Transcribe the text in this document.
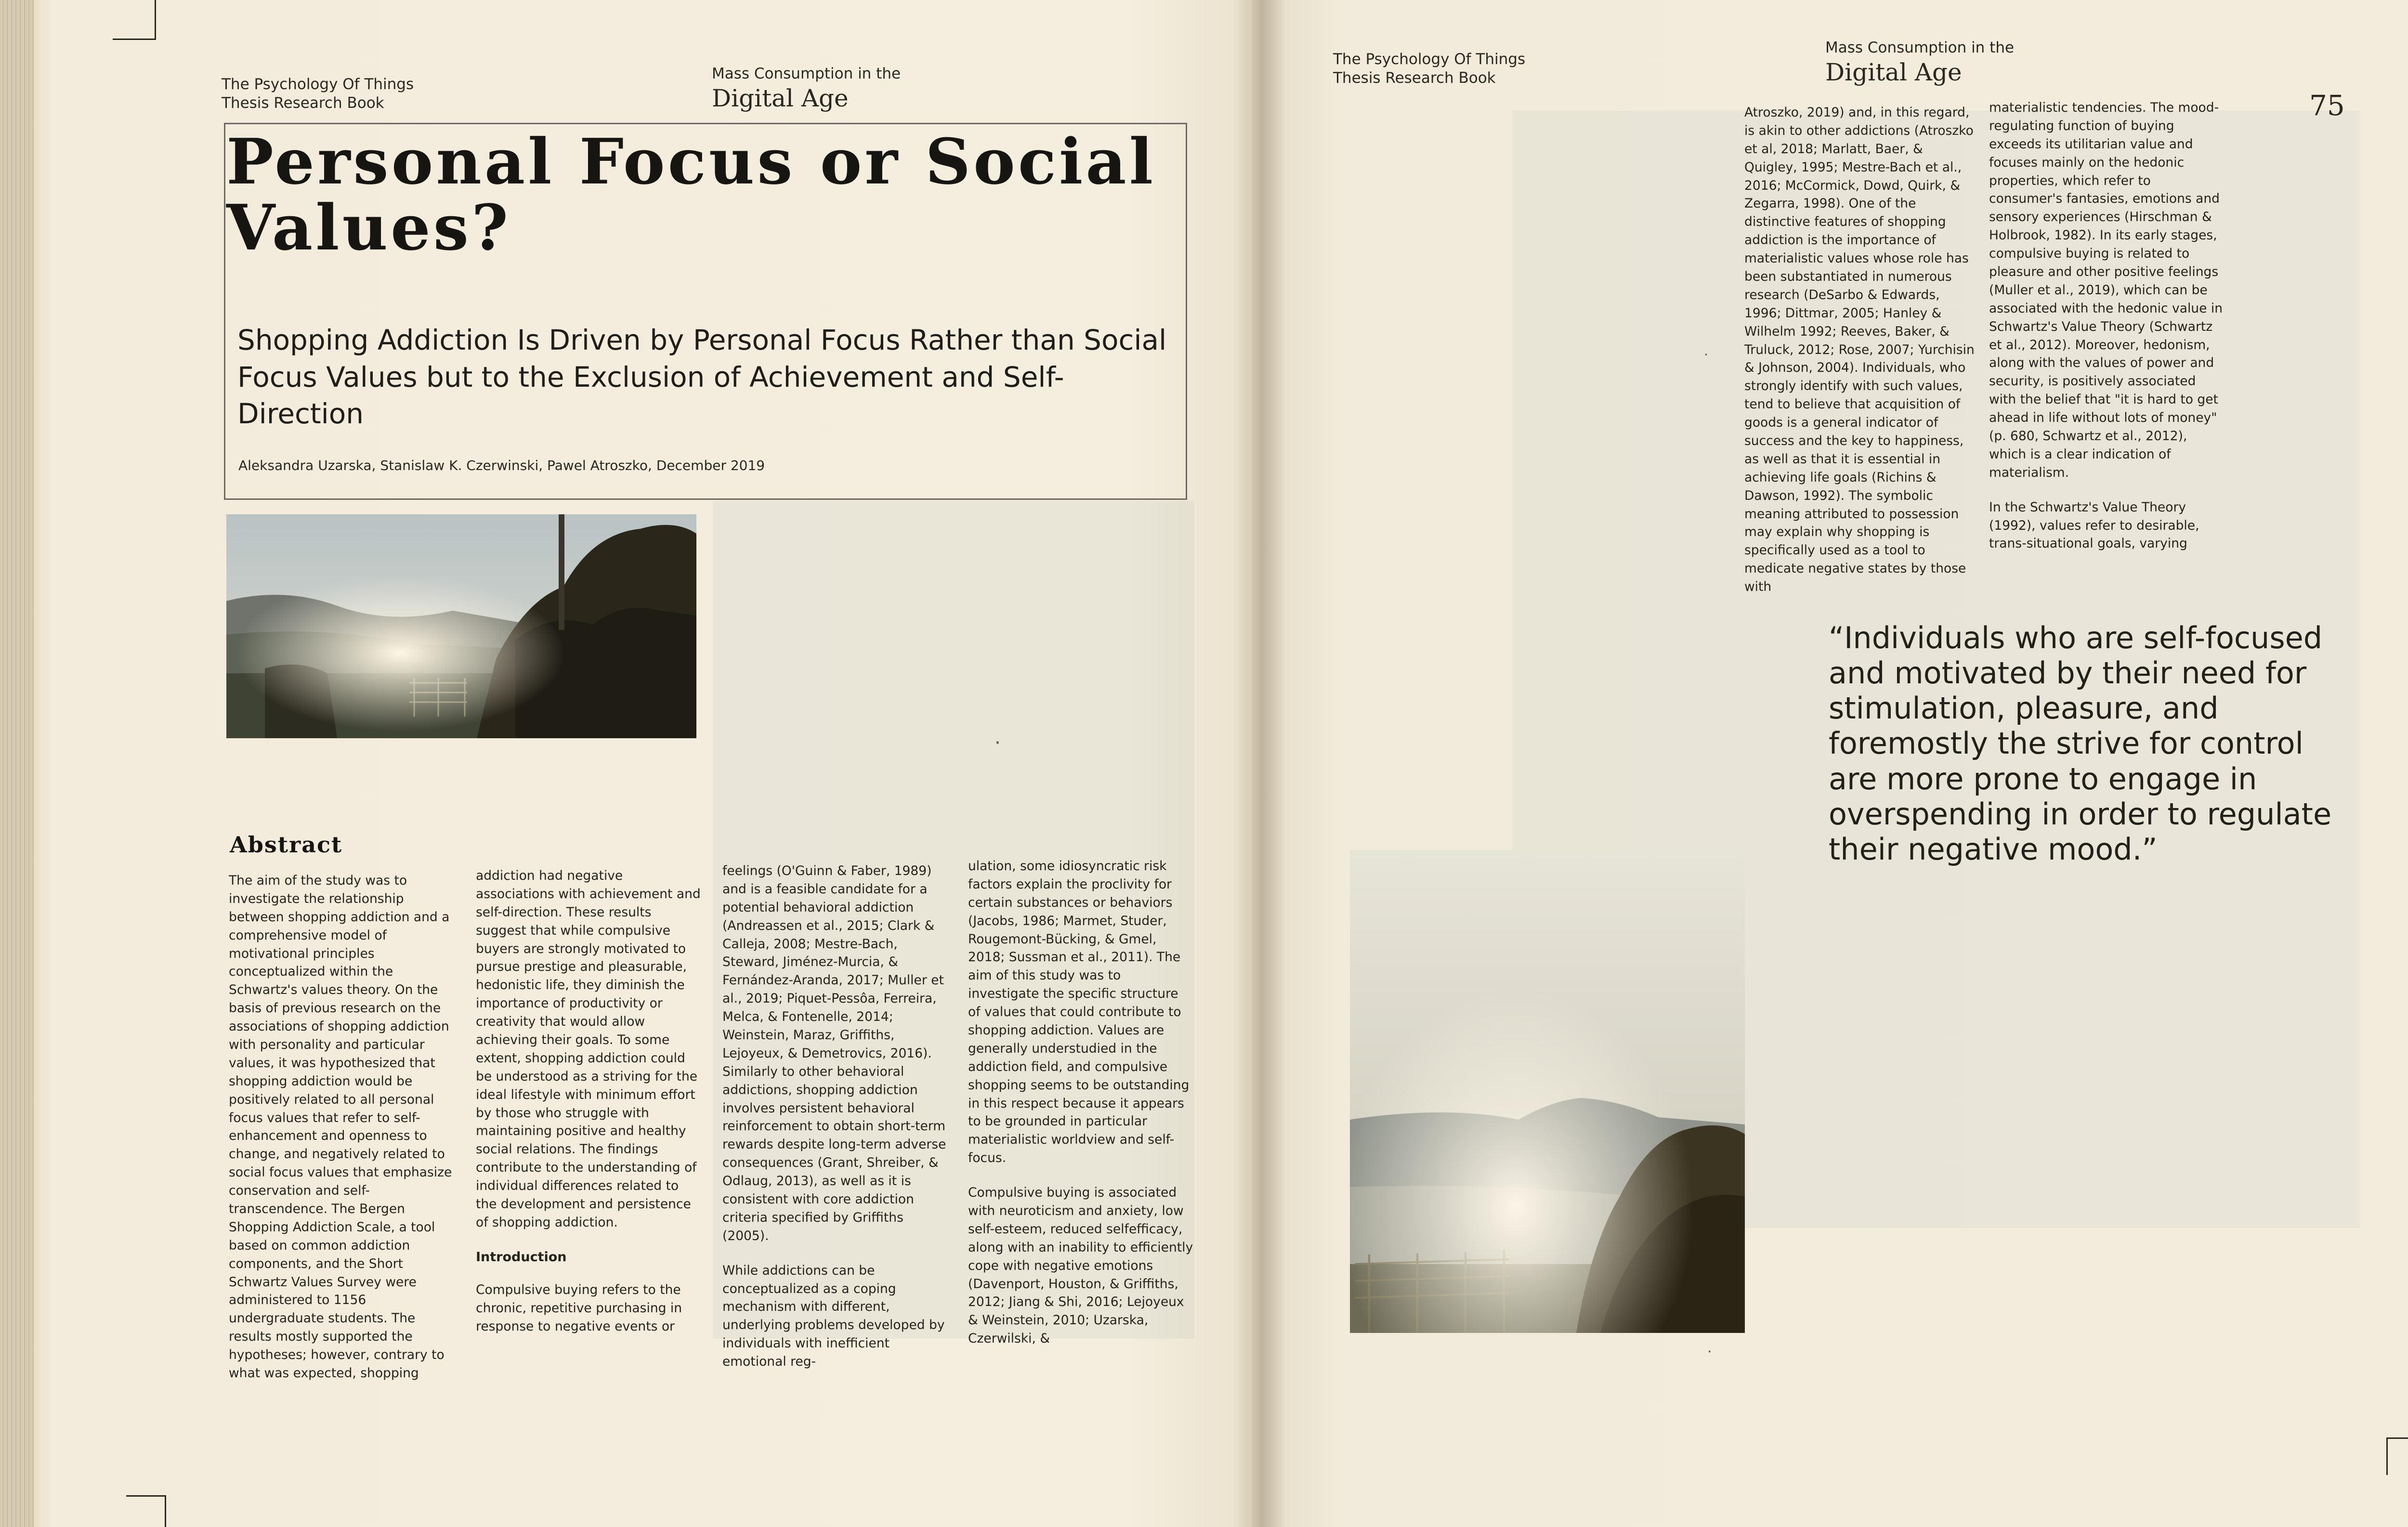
The Psychology Of Things
Thesis Research Book
Mass Consumption in the
Digital Age
Personal Focus or Social Values?
Shopping Addiction Is Driven by Personal Focus Rather than Social Focus Values but to the Exclusion of Achievement and Self-Direction
Aleksandra Uzarska, Stanislaw K. Czerwinski, Pawel Atroszko, December 2019
Abstract

The aim of the study was to investigate the relationship between shopping addiction and a comprehensive model of motivational principles conceptualized within the Schwartz's values theory. On the basis of previous research on the associations of shopping addiction with personality and particular values, it was hypothesized that shopping addiction would be positively related to all personal focus values that refer to self-enhancement and openness to change, and negatively related to social focus values that emphasize conservation and self-transcendence. The Bergen Shopping Addiction Scale, a tool based on common addiction components, and the Short Schwartz Values Survey were administered to 1156 undergraduate students. The results mostly supported the hypotheses; however, contrary to what was expected, shopping

addiction had negative associations with achievement and self-direction. These results suggest that while compulsive buyers are strongly motivated to pursue prestige and pleasurable, hedonistic life, they diminish the importance of productivity or creativity that would allow achieving their goals. To some extent, shopping addiction could be understood as a striving for the ideal lifestyle with minimum effort by those who struggle with maintaining positive and healthy social relations. The findings contribute to the understanding of individual differences related to the development and persistence of shopping addiction.

Introduction

Compulsive buying refers to the chronic, repetitive purchasing in response to negative events or

feelings (O'Guinn & Faber, 1989) and is a feasible candidate for a potential behavioral addiction (Andreassen et al., 2015; Clark & Calleja, 2008; Mestre-Bach, Steward, Jiménez-Murcia, & Fernández-Aranda, 2017; Muller et al., 2019; Piquet-Pessôa, Ferreira, Melca, & Fontenelle, 2014; Weinstein, Maraz, Griffiths, Lejoyeux, & Demetrovics, 2016). Similarly to other behavioral addictions, shopping addiction involves persistent behavioral reinforcement to obtain short-term rewards despite long-term adverse consequences (Grant, Shreiber, & Odlaug, 2013), as well as it is consistent with core addiction criteria specified by Griffiths (2005).

While addictions can be conceptualized as a coping mechanism with different, underlying problems developed by individuals with inefficient emotional reg-

ulation, some idiosyncratic risk factors explain the proclivity for certain substances or behaviors (Jacobs, 1986; Marmet, Studer, Rougemont-Bücking, & Gmel, 2018; Sussman et al., 2011). The aim of this study was to investigate the specific structure of values that could contribute to shopping addiction. Values are generally understudied in the addiction field, and compulsive shopping seems to be outstanding in this respect because it appears to be grounded in particular materialistic worldview and self-focus.

Compulsive buying is associated with neuroticism and anxiety, low self-esteem, reduced selfefficacy, along with an inability to efficiently cope with negative emotions (Davenport, Houston, & Griffiths, 2012; Jiang & Shi, 2016; Lejoyeux & Weinstein, 2010; Uzarska, Czerwilski, &

·
The Psychology Of Things
Thesis Research Book
Mass Consumption in the
Digital Age
75

Atroszko, 2019) and, in this regard, is akin to other addictions (Atroszko et al, 2018; Marlatt, Baer, & Quigley, 1995; Mestre-Bach et al., 2016; McCormick, Dowd, Quirk, & Zegarra, 1998). One of the distinctive features of shopping addiction is the importance of materialistic values whose role has been substantiated in numerous research (DeSarbo & Edwards, 1996; Dittmar, 2005; Hanley & Wilhelm 1992; Reeves, Baker, & Truluck, 2012; Rose, 2007; Yurchisin & Johnson, 2004). Individuals, who strongly identify with such values, tend to believe that acquisition of goods is a general indicator of success and the key to happiness, as well as that it is essential in achieving life goals (Richins & Dawson, 1992). The symbolic meaning attributed to possession may explain why shopping is specifically used as a tool to medicate negative states by those with

materialistic tendencies. The mood-regulating function of buying exceeds its utilitarian value and focuses mainly on the hedonic properties, which refer to consumer's fantasies, emotions and sensory experiences (Hirschman & Holbrook, 1982). In its early stages, compulsive buying is related to pleasure and other positive feelings (Muller et al., 2019), which can be associated with the hedonic value in Schwartz's Value Theory (Schwartz et al., 2012). Moreover, hedonism, along with the values of power and security, is positively associated with the belief that "it is hard to get ahead in life without lots of money" (p. 680, Schwartz et al., 2012), which is a clear indication of materialism.

In the Schwartz's Value Theory (1992), values refer to desirable, trans-situational goals, varying

“Individuals who are self-focused and motivated by their need for stimulation, pleasure, and foremostly the strive for control are more prone to engage in overspending in order to regulate their negative mood.”
·
·
